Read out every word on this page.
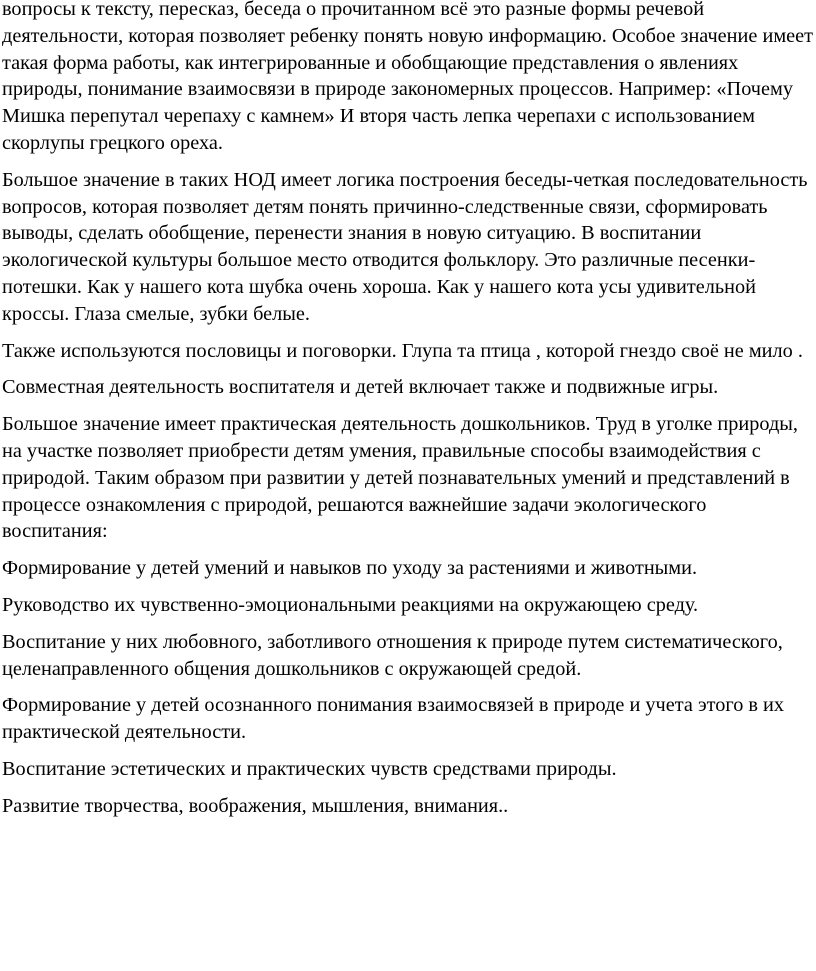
вопросы к тексту, пересказ, беседа о прочитанном всё это разные формы речевой деятельности, которая позволяет ребенку понять новую информацию. Особое значение имеет такая форма работы, как интегрированные и обобщающие представления о явлениях природы, понимание взаимосвязи в природе закономерных процессов. Например: «Почему Мишка перепутал черепаху с камнем» И вторя часть лепка черепахи с использованием скорлупы грецкого ореха.

Большое значение в таких НОД имеет логика построения беседы-четкая последовательность вопросов, которая позволяет детям понять причинно-следственные связи, сформировать выводы, сделать обобщение, перенести знания в новую ситуацию. В воспитании экологической культуры большое место отводится фольклору. Это различные песенки- потешки. Как у нашего кота шубка очень хороша. Как у нашего кота усы удивительной кроссы. Глаза смелые, зубки белые.

Также используются пословицы и поговорки. Глупа та птица , которой гнездо своё не мило .

Совместная деятельность воспитателя и детей включает также и подвижные игры.

Большое значение имеет практическая деятельность дошкольников. Труд в уголке природы, на участке позволяет приобрести детям умения, правильные способы взаимодействия с природой. Таким образом при развитии у детей познавательных умений и представлений в процессе ознакомления с природой, решаются важнейшие задачи экологического воспитания:

Формирование у детей умений и навыков по уходу за растениями и животными.

Руководство их чувственно-эмоциональными реакциями на окружающею среду.

Воспитание у них любовного, заботливого отношения к природе путем систематического, целенаправленного общения дошкольников с окружающей средой.

Формирование у детей осознанного понимания взаимосвязей в природе и учета этого в их практической деятельности.

Воспитание эстетических и практических чувств средствами природы.

Развитие творчества, воображения, мышления, внимания..
